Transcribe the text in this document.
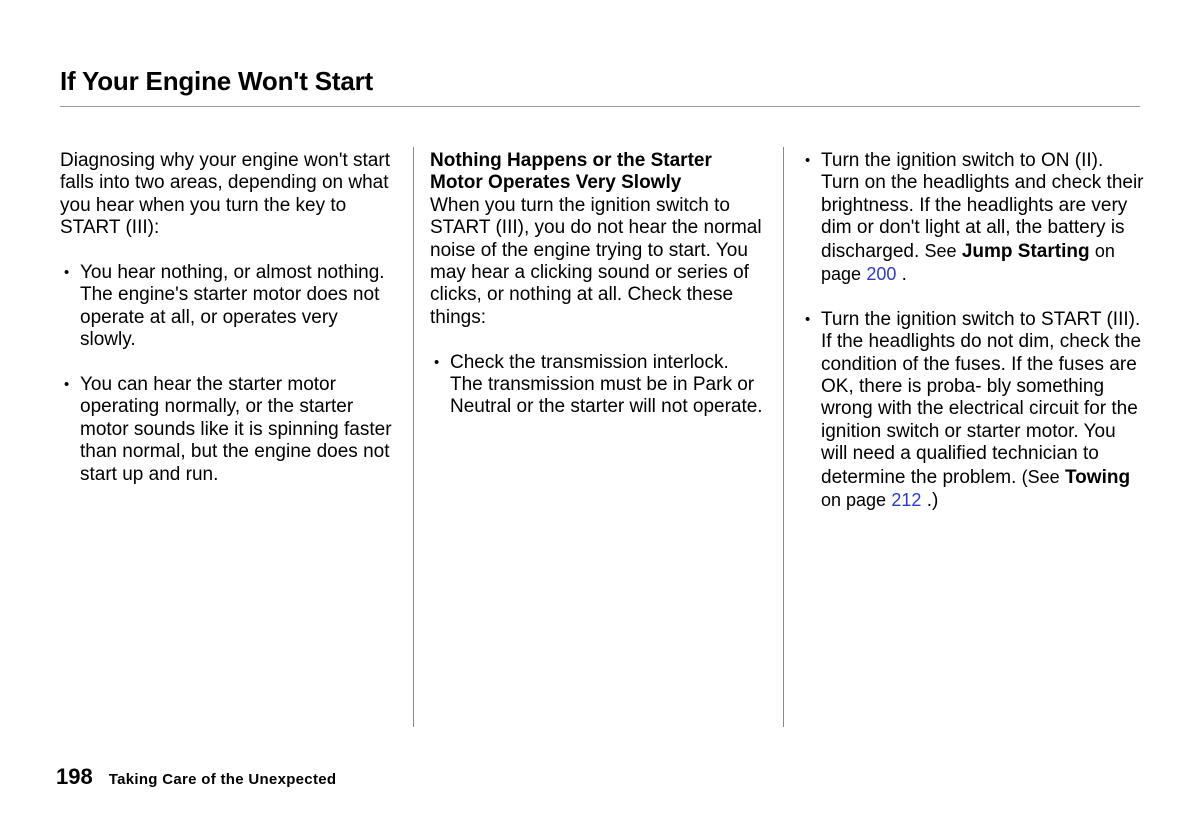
If Your Engine Won't Start

Diagnosing why your engine won't start falls into two areas, depending on what you hear when you turn the key to START (III):

• You hear nothing, or almost nothing. The engine's starter motor does not operate at all, or operates very slowly.
• You can hear the starter motor operating normally, or the starter motor sounds like it is spinning faster than normal, but the engine does not start up and run.

Nothing Happens or the Starter Motor Operates Very Slowly

When you turn the ignition switch to START (III), you do not hear the normal noise of the engine trying to start. You may hear a clicking sound or series of clicks, or nothing at all. Check these things:

• Check the transmission interlock. The transmission must be in Park or Neutral or the starter will not operate.
• Turn the ignition switch to ON (II). Turn on the headlights and check their brightness. If the headlights are very dim or don't light at all, the battery is discharged. See Jump Starting on page 200 .
• Turn the ignition switch to START (III). If the headlights do not dim, check the condition of the fuses. If the fuses are OK, there is proba- bly something wrong with the electrical circuit for the ignition switch or starter motor. You will need a qualified technician to determine the problem. (See Towing on page 212 .)
198 Taking Care of the Unexpected
